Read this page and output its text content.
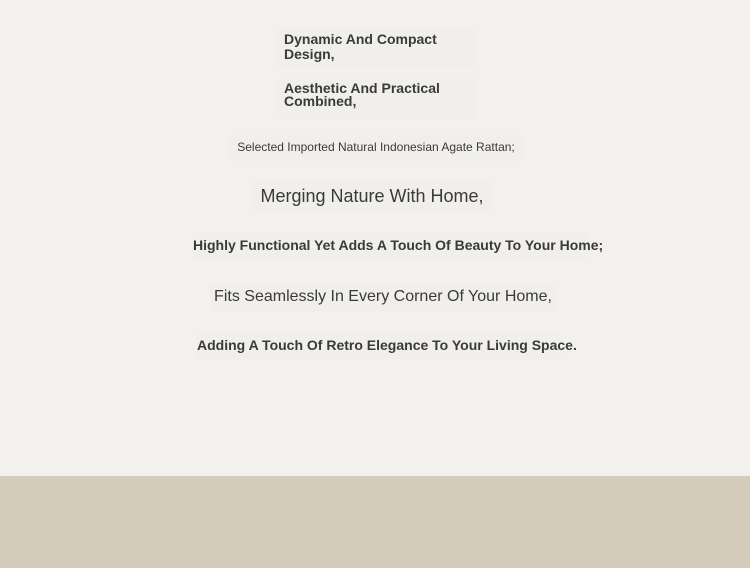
Dynamic And Compact Design,
Aesthetic And Practical Combined,
Selected Imported Natural Indonesian Agate Rattan;
Merging Nature With Home,
Highly Functional Yet Adds A Touch Of Beauty To Your Home;
Fits Seamlessly In Every Corner Of Your Home,
Adding A Touch Of Retro Elegance To Your Living Space.
